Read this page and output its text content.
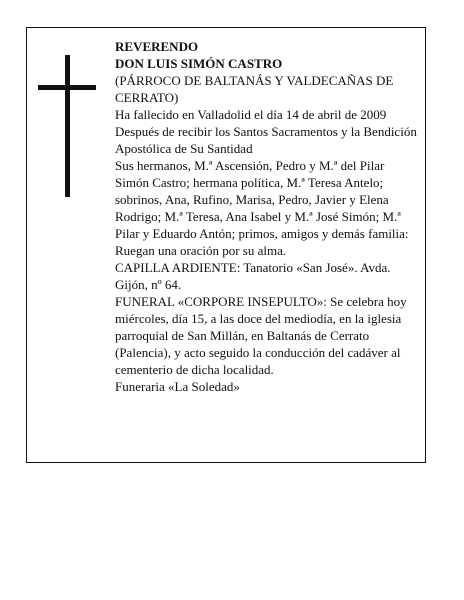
REVERENDO

DON LUIS SIMÓN CASTRO

(PÁRROCO DE BALTANÁS Y VALDECAÑAS DE CERRATO)

Ha fallecido en Valladolid el día 14 de abril de 2009

Después de recibir los Santos Sacramentos y la Bendición Apostólica de Su Santidad

Sus hermanos, M.ª Ascensión, Pedro y M.ª del Pilar Simón Castro; hermana política, M.ª Teresa Antelo; sobrinos, Ana, Rufino, Marisa, Pedro, Javier y Elena Rodrigo; M.ª Teresa, Ana Isabel y M.ª José Simón; M.ª Pilar y Eduardo Antón; primos, amigos y demás familia:

Ruegan una oración por su alma.

CAPILLA ARDIENTE: Tanatorio «San José». Avda. Gijón, nº 64.

FUNERAL «CORPORE INSEPULTO»: Se celebra hoy miércoles, día 15, a las doce del mediodía, en la iglesia parroquial de San Millán, en Baltanás de Cerrato (Palencia), y acto seguido la conducción del cadáver al cementerio de dicha localidad.

Funeraria «La Soledad»
